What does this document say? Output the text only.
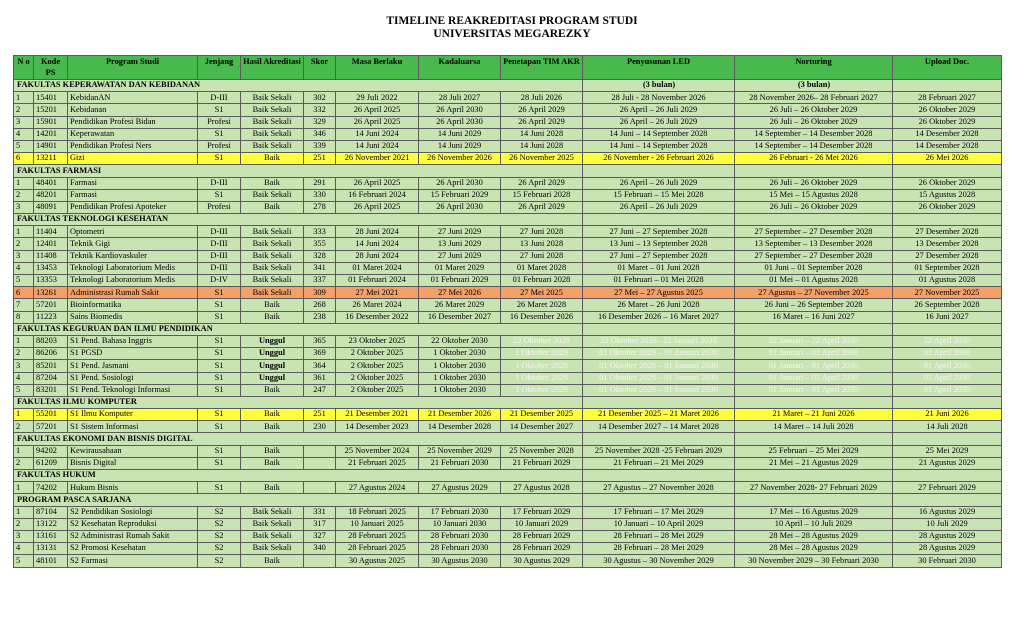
TIMELINE REAKREDITASI PROGRAM STUDI
UNIVERSITAS MEGAREZKY
N o	Kode PS	Program Studi	Jenjang	Hasil Akreditasi	Skor	Masa Berlaku	Kadaluarsa	Penetapan TIM AKR	Penyusunan LED	Norturing	Upload Doc.
FAKULTAS KEPERAWATAN DAN KEBIDANAN									(3 bulan)	(3 bulan)	
1	15401	KebidanAN	D-III	Baik Sekali	302	29 Juli 2022	28 Juli 2027	28 Juli 2026	28 Juli - 28 November 2026	28 November 2026– 28 Februari 2027	28 Februari 2027
2	15201	Kebidanan	S1	Baik Sekali	332	26 April 2025	26 April 2030	26 April 2029	26 April – 26 Juli 2029	26 Juli – 26 Oktober 2029	26 Oktober 2029
3	15901	Pendidikan Profesi Bidan	Profesi	Baik Sekali	329	26 April 2025	26 April 2030	26 April 2029	26 April – 26 Juli 2029	26 Juli – 26 Oktober 2029	26 Oktober 2029
4	14201	Keperawatan	S1	Baik Sekali	346	14 Juni 2024	14 Juni 2029	14 Juni 2028	14 Juni – 14 September 2028	14 September – 14 Desember 2028	14 Desember 2028
5	14901	Pendidikan Profesi Ners	Profesi	Baik Sekali	339	14 Juni 2024	14 Juni 2029	14 Juni 2028	14 Juni – 14 September 2028	14 September – 14 Desember 2028	14 Desember 2028
6	13211	Gizi	S1	Baik	251	26 November 2021	26 November 2026	26 November 2025	26 November - 26 Februari 2026	26 Februari - 26 Mei 2026	26 Mei 2026
FAKULTAS FARMASI											
1	48401	Farmasi	D-III	Baik	291	26 April 2025	26 April 2030	26 April 2029	26 April – 26 Juli 2029	26 Juli – 26 Oktober 2029	26 Oktober 2029
2	48201	Farmasi	S1	Baik Sekali	330	16 Februari 2024	15 Februari 2029	15 Februari 2028	15 Februari – 15 Mei 2028	15 Mei – 15 Agustus 2028	15 Agustus 2028
3	48091	Pendidikan Profesi Apoteker	Profesi	Baik	278	26 April 2025	26 April 2030	26 April 2029	26 April – 26 Juli 2029	26 Juli – 26 Oktober 2029	26 Oktober 2029
FAKULTAS TEKNOLOGI KESEHATAN											
1	11404	Optometri	D-III	Baik Sekali	333	28 Juni 2024	27 Juni 2029	27 Juni 2028	27 Juni – 27 September 2028	27 September – 27 Desember 2028	27 Desember 2028
2	12401	Teknik Gigi	D-III	Baik Sekali	355	14 Juni 2024	13 Juni 2029	13 Juni 2028	13 Juni – 13 September 2028	13 September – 13 Desember 2028	13 Desember 2028
3	11408	Teknik Kardiovaskuler	D-III	Baik Sekali	328	28 Juni 2024	27 Juni 2029	27 Juni 2028	27 Juni – 27 September 2028	27 September – 27 Desember 2028	27 Desember 2028
4	13453	Teknologi Laboratorium Medis	D-III	Baik Sekali	341	01 Maret 2024	01 Maret 2029	01 Maret 2028	01 Maret – 01 Juni 2028	01 Juni – 01 September 2028	01 September 2028
5	13353	Teknologi Laboratorium Medis	D-IV	Baik Sekali	337	01 Februari 2024	01 Februari 2029	01 Februari 2028	01 Februari – 01 Mei 2028	01 Mei – 01 Agustus 2028	01 Agustus 2028
6	13261	Administrasi Rumah Sakit	S1	Baik Sekali	309	27 Mei 2021	27 Mei 2026	27 Mei 2025	27 Mei – 27 Agustus 2025	27 Agustus – 27 November 2025	27 November 2025
7	57201	Bioinformatika	S1	Baik	268	26 Maret 2024	26 Maret 2029	26 Maret 2028	26 Maret – 26 Juni 2028	26 Juni – 26 September 2028	26 September 2028
8	11223	Sains Biomedis	S1	Baik	238	16 Desember 2022	16 Desember 2027	16 Desember 2026	16 Desember 2026 – 16 Maret 2027	16 Maret – 16 Juni 2027	16 Juni 2027
FAKULTAS KEGURUAN DAN ILMU PENDIDIKAN											
1	88203	S1 Pend. Bahasa Inggris	S1	Unggul	365	23 Oktober 2025	22 Oktober 2030	22 Oktober 2029	22 Oktober 2029– 22 Januari 2030	22 Januari – 22 April 2030	22 April 2030
2	86206	S1 PGSD	S1	Unggul	369	2 Oktober 2025	1 Oktober 2030	1 Oktober 2029	01 Oktober 2029 – 01 Januari 2030	01 Januari – 01 April 2030	01 April 2030
3	85201	S1 Pend. Jasmani	S1	Unggul	364	2 Oktober 2025	1 Oktober 2030	1 Oktober 2029	01 Oktober 2029 – 01 Januari 2030	01 Januari – 01 April 2030	01 April 2030
4	87204	S1 Pend. Sosiologi	S1	Unggul	361	2 Oktober 2025	1 Oktober 2030	1 Oktober 2029	01 Oktober 2029 – 01 Januari 2030	01 Januari – 01 April 2030	01 April 2030
5	83201	S1 Pend. Teknologi Informasi	S1	Baik	247	2 Oktober 2025	1 Oktober 2030	1 Oktober 2029	01 Oktober 2029 – 01 Januari 2030	01 Januari – 01 April 2030	01 April 2030
FAKULTAS ILMU KOMPUTER											
1	55201	S1 Ilmu Komputer	S1	Baik	251	21 Desember 2021	21 Desember 2026	21 Desember 2025	21 Desember 2025 – 21 Maret 2026	21 Maret – 21 Juni 2026	21 Juni 2026
2	57201	S1 Sistem Informasi	S1	Baik	230	14 Desember 2023	14 Desember 2028	14 Desember 2027	14 Desember 2027 – 14 Maret 2028	14 Maret – 14 Juli 2028	14 Juli 2028
FAKULTAS EKONOMI DAN BISNIS DIGITAL											
1	94202	Kewirausahaan	S1	Baik		25 November 2024	25 November 2029	25 November 2028	25 November 2028 -25 Februari 2029	25 Februari – 25 Mei 2029	25 Mei 2029
2	61209	Bisnis Digital	S1	Baik		21 Februari 2025	21 Februari 2030	21 Februari 2029	21 Februari – 21 Mei 2029	21 Mei – 21 Agustus 2029	21 Agustus 2029
FAKULTAS HUKUM											
1	74202	Hukum Bisnis	S1	Baik		27 Agustus 2024	27 Agustus 2029	27 Agustus 2028	27 Agustus – 27 November 2028	27 November 2028- 27 Februari 2029	27 Februari 2029
PROGRAM PASCA SARJANA											
1	87104	S2 Pendidikan Sosiologi	S2	Baik Sekali	331	18 Februari 2025	17 Februari 2030	17 Februari 2029	17 Februari – 17 Mei 2029	17 Mei – 16 Agustus 2029	16 Agustus 2029
2	13122	S2 Kesehatan Reproduksi	S2	Baik Sekali	317	10 Januari 2025	10 Januari 2030	10 Januari 2029	10 Januari – 10 April 2029	10 April – 10 Juli 2029	10 Juli 2029
3	13161	S2 Administrasi Rumah Sakit	S2	Baik Sekali	327	28 Februari 2025	28 Februari 2030	28 Februari 2029	28 Februari – 28 Mei 2029	28 Mei – 28 Agustus 2029	28 Agustus 2029
4	13131	S2 Promosi Kesehatan	S2	Baik Sekali	340	28 Februari 2025	28 Februari 2030	28 Februari 2029	28 Februari – 28 Mei 2029	28 Mei – 28 Agustus 2029	28 Agustus 2029
5	48101	S2 Farmasi	S2	Baik		30 Agustus 2025	30 Agustus 2030	30 Agustus 2029	30 Agustus – 30 November 2029	30 November 2029 – 30 Februari 2030	30 Februari 2030
